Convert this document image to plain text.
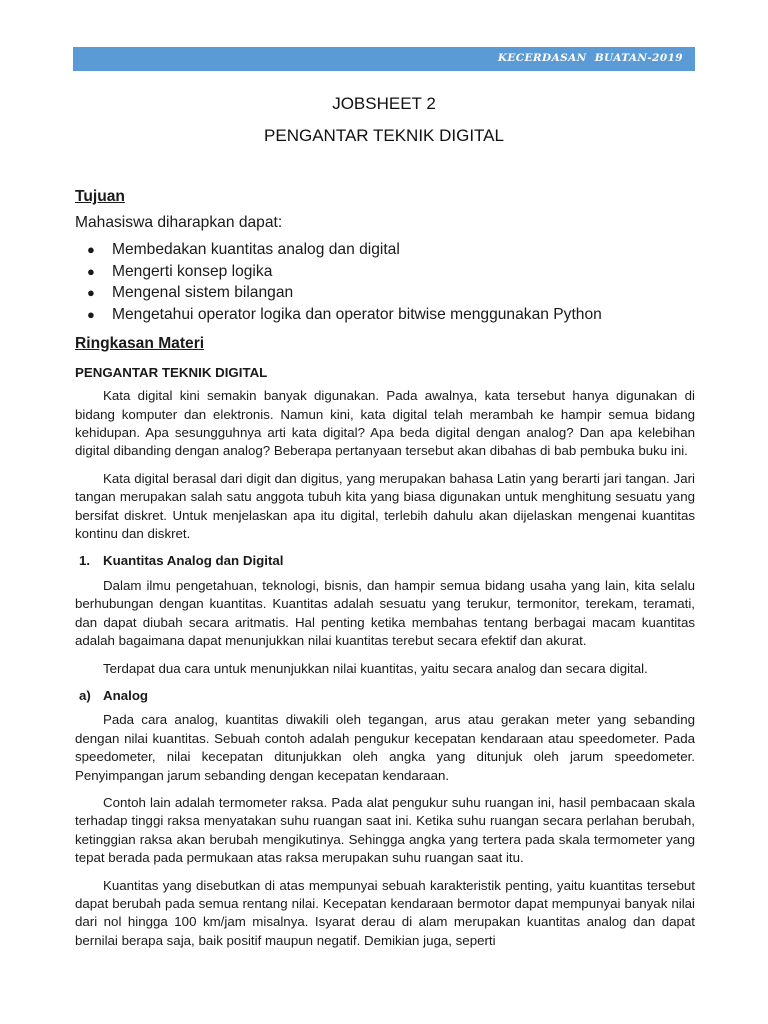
KECERDASAN  BUATAN-2019
JOBSHEET 2
PENGANTAR TEKNIK DIGITAL
Tujuan
Mahasiswa diharapkan dapat:
● Membedakan kuantitas analog dan digital
● Mengerti konsep logika
● Mengenal sistem bilangan
● Mengetahui operator logika dan operator bitwise menggunakan Python
Ringkasan Materi
PENGANTAR TEKNIK DIGITAL

Kata digital kini semakin banyak digunakan. Pada awalnya, kata tersebut hanya digunakan di bidang komputer dan elektronis. Namun kini, kata digital telah merambah ke hampir semua bidang kehidupan. Apa sesungguhnya arti kata digital? Apa beda digital dengan analog? Dan apa kelebihan digital dibanding dengan analog? Beberapa pertanyaan tersebut akan dibahas di bab pembuka buku ini.

Kata digital berasal dari digit dan digitus, yang merupakan bahasa Latin yang berarti jari tangan. Jari tangan merupakan salah satu anggota tubuh kita yang biasa digunakan untuk menghitung sesuatu yang bersifat diskret. Untuk menjelaskan apa itu digital, terlebih dahulu akan dijelaskan mengenai kuantitas kontinu dan diskret.

1. Kuantitas Analog dan Digital

Dalam ilmu pengetahuan, teknologi, bisnis, dan hampir semua bidang usaha yang lain, kita selalu berhubungan dengan kuantitas. Kuantitas adalah sesuatu yang terukur, termonitor, terekam, teramati, dan dapat diubah secara aritmatis. Hal penting ketika membahas tentang berbagai macam kuantitas adalah bagaimana dapat menunjukkan nilai kuantitas terebut secara efektif dan akurat.

Terdapat dua cara untuk menunjukkan nilai kuantitas, yaitu secara analog dan secara digital.

a) Analog

Pada cara analog, kuantitas diwakili oleh tegangan, arus atau gerakan meter yang sebanding dengan nilai kuantitas. Sebuah contoh adalah pengukur kecepatan kendaraan atau speedometer. Pada speedometer, nilai kecepatan ditunjukkan oleh angka yang ditunjuk oleh jarum speedometer. Penyimpangan jarum sebanding dengan kecepatan kendaraan.

Contoh lain adalah termometer raksa. Pada alat pengukur suhu ruangan ini, hasil pembacaan skala terhadap tinggi raksa menyatakan suhu ruangan saat ini. Ketika suhu ruangan secara perlahan berubah, ketinggian raksa akan berubah mengikutinya. Sehingga angka yang tertera pada skala termometer yang tepat berada pada permukaan atas raksa merupakan suhu ruangan saat itu.

Kuantitas yang disebutkan di atas mempunyai sebuah karakteristik penting, yaitu kuantitas tersebut dapat berubah pada semua rentang nilai. Kecepatan kendaraan bermotor dapat mempunyai banyak nilai dari nol hingga 100 km/jam misalnya. Isyarat derau di alam merupakan kuantitas analog dan dapat bernilai berapa saja, baik positif maupun negatif. Demikian juga, seperti
